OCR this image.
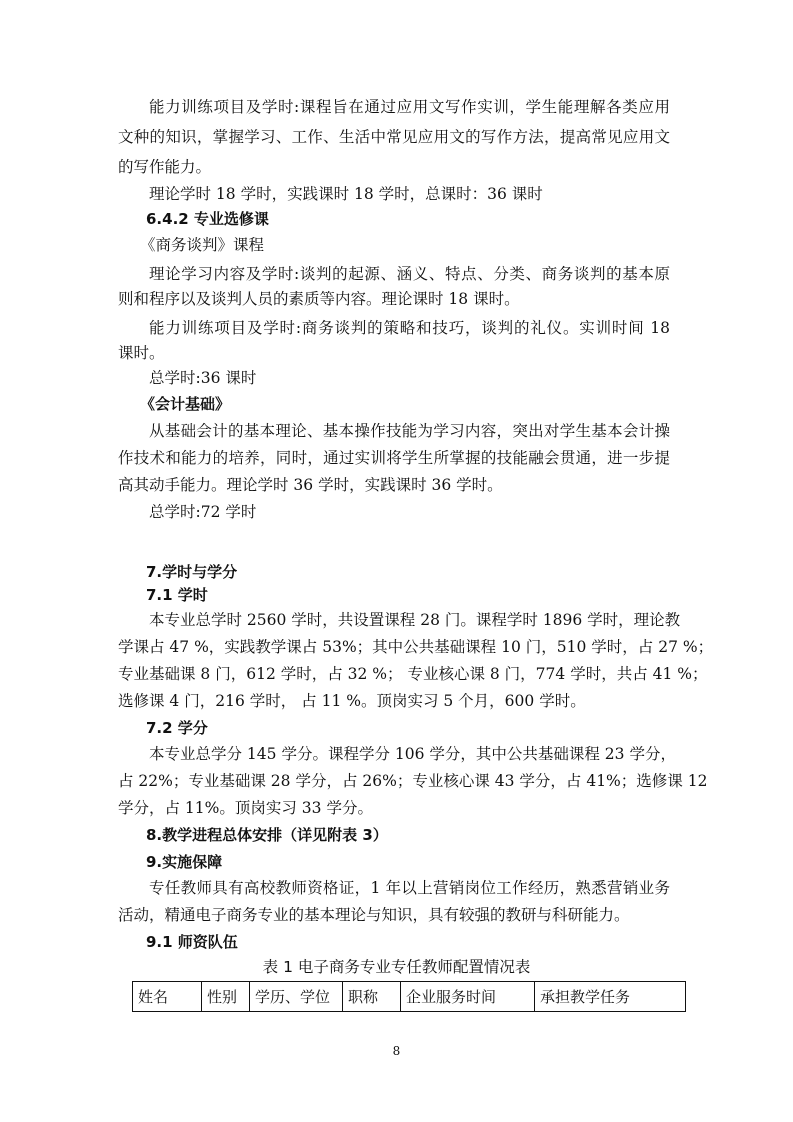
能力训练项目及学时:课程旨在通过应用文写作实训，学生能理解各类应用
文种的知识，掌握学习、工作、生活中常见应用文的写作方法，提高常见应用文
的写作能力。
理论学时 18 学时，实践课时 18 学时，总课时：36 课时
6.4.2 专业选修课
《商务谈判》课程
理论学习内容及学时:谈判的起源、涵义、特点、分类、商务谈判的基本原
则和程序以及谈判人员的素质等内容。理论课时 18 课时。
能力训练项目及学时:商务谈判的策略和技巧，谈判的礼仪。实训时间 18
课时。
总学时:36 课时
《会计基础》
从基础会计的基本理论、基本操作技能为学习内容，突出对学生基本会计操
作技术和能力的培养，同时，通过实训将学生所掌握的技能融会贯通，进一步提
高其动手能力。理论学时 36 学时，实践课时 36 学时。
总学时:72 学时
7.学时与学分
7.1 学时
本专业总学时 2560 学时，共设置课程 28 门。课程学时 1896 学时，理论教
学课占 47 %，实践教学课占 53%；其中公共基础课程 10 门，510 学时，占 27 %；
专业基础课 8 门，612 学时，占 32 %； 专业核心课 8 门，774 学时，共占 41 %；
选修课 4 门，216 学时， 占 11 %。顶岗实习 5 个月，600 学时。
7.2 学分
本专业总学分 145 学分。课程学分 106 学分，其中公共基础课程 23 学分，
占 22%；专业基础课 28 学分，占 26%；专业核心课 43 学分，占 41%；选修课 12
学分，占 11%。顶岗实习 33 学分。
8.教学进程总体安排（详见附表 3）
9.实施保障
专任教师具有高校教师资格证，1 年以上营销岗位工作经历，熟悉营销业务
活动，精通电子商务专业的基本理论与知识，具有较强的教研与科研能力。
9.1 师资队伍
表 1 电子商务专业专任教师配置情况表
姓名	性别	学历、学位	职称	企业服务时间	承担教学任务
8
